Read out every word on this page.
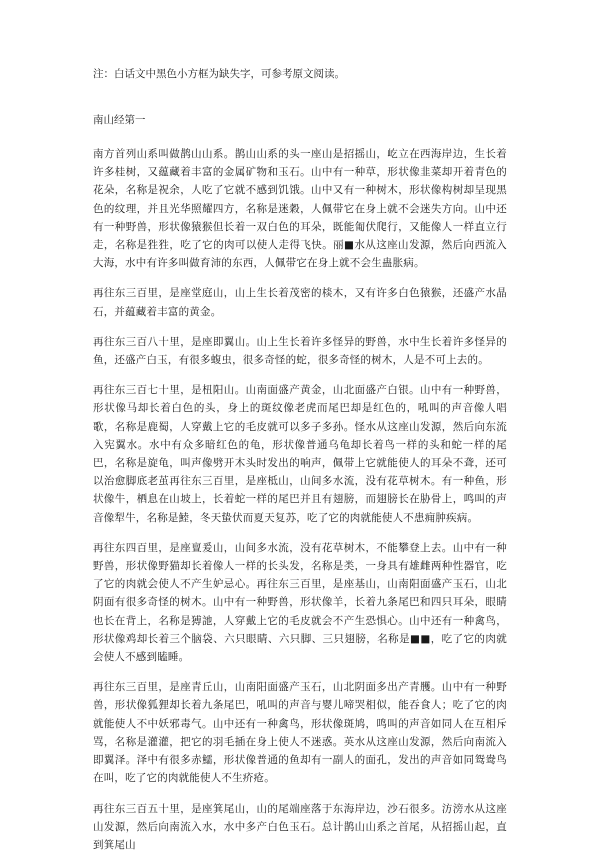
注：白话文中黑色小方框为缺失字，可参考原文阅读。

南山经第一

南方首列山系叫做鹊山山系。鹊山山系的头一座山是招摇山，屹立在西海岸边，生长着许多桂树，又蕴藏着丰富的金属矿物和玉石。山中有一种草，形状像韭菜却开着青色的花朵，名称是祝余，人吃了它就不感到饥饿。山中又有一种树木，形状像构树却呈现黑色的纹理，并且光华照耀四方，名称是迷穀，人佩带它在身上就不会迷失方向。山中还有一种野兽，形状像猿猴但长着一双白色的耳朵，既能匍伏爬行，又能像人一样直立行走，名称是狌狌，吃了它的肉可以使人走得飞快。丽■水从这座山发源，然后向西流入大海，水中有许多叫做育沛的东西，人佩带它在身上就不会生蛊胀病。

再往东三百里，是座堂庭山，山上生长着茂密的棪木，又有许多白色猿猴，还盛产水晶石，并蕴藏着丰富的黄金。

再往东三百八十里，是座即翼山。山上生长着许多怪异的野兽，水中生长着许多怪异的鱼，还盛产白玉，有很多蝮虫，很多奇怪的蛇，很多奇怪的树木，人是不可上去的。

再往东三百七十里，是杻阳山。山南面盛产黄金，山北面盛产白银。山中有一种野兽，形状像马却长着白色的头，身上的斑纹像老虎而尾巴却是红色的，吼叫的声音像人唱歌，名称是鹿蜀，人穿戴上它的毛皮就可以多子多孙。怪水从这座山发源，然后向东流入宪翼水。水中有众多暗红色的龟，形状像普通乌龟却长着鸟一样的头和蛇一样的尾巴，名称是旋龟，叫声像劈开木头时发出的响声，佩带上它就能使人的耳朵不聋，还可以治愈脚底老茧再往东三百里，是座柢山，山间多水流，没有花草树木。有一种鱼，形状像牛，栖息在山坡上，长着蛇一样的尾巴并且有翅膀，而翅膀长在胁骨上，鸣叫的声音像犁牛，名称是鯥，冬天蛰伏而夏天复苏，吃了它的肉就能使人不患痈肿疾病。

再往东四百里，是座亶爰山，山间多水流，没有花草树木，不能攀登上去。山中有一种野兽，形状像野猫却长着像人一样的长头发，名称是类，一身具有雄雌两种性器官，吃了它的肉就会使人不产生妒忌心。再往东三百里，是座基山，山南阳面盛产玉石，山北阴面有很多奇怪的树木。山中有一种野兽，形状像羊，长着九条尾巴和四只耳朵，眼睛也长在背上，名称是猼訑，人穿戴上它的毛皮就会不产生恐惧心。山中还有一种禽鸟，形状像鸡却长着三个脑袋、六只眼睛、六只脚、三只翅膀，名称是■■，吃了它的肉就会使人不感到瞌睡。

再往东三百里，是座青丘山，山南阳面盛产玉石，山北阴面多出产青雘。山中有一种野兽，形状像狐狸却长着九条尾巴，吼叫的声音与婴儿啼哭相似，能吞食人；吃了它的肉就能使人不中妖邪毒气。山中还有一种禽鸟，形状像斑鸠，鸣叫的声音如同人在互相斥骂，名称是灌灌，把它的羽毛插在身上使人不迷惑。英水从这座山发源，然后向南流入即翼泽。泽中有很多赤鱬，形状像普通的鱼却有一副人的面孔，发出的声音如同鸳鸯鸟在叫，吃了它的肉就能使人不生疥疮。

再往东三百五十里，是座箕尾山，山的尾端座落于东海岸边，沙石很多。汸滂水从这座山发源，然后向南流入水，水中多产白色玉石。总计鹊山山系之首尾，从招摇山起，直到箕尾山
